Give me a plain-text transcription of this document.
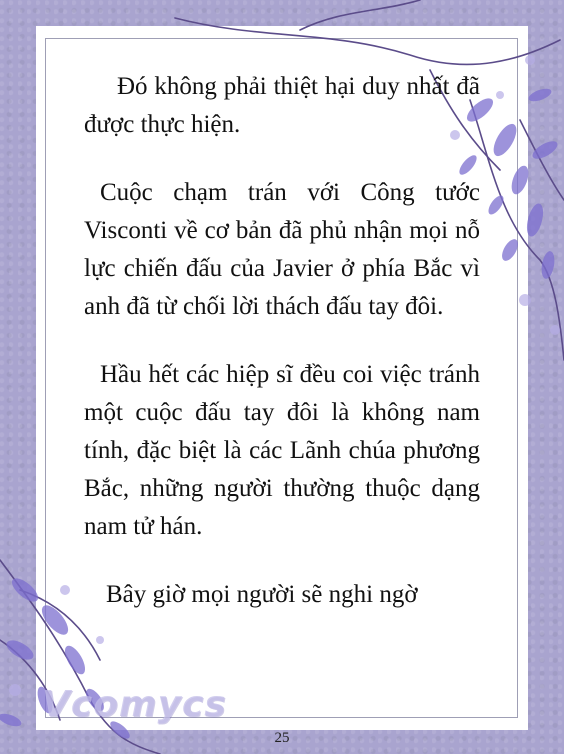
Đó không phải thiệt hại duy nhất đã được thực hiện.

Cuộc chạm trán với Công tước Visconti về cơ bản đã phủ nhận mọi nỗ lực chiến đấu của Javier ở phía Bắc vì anh đã từ chối lời thách đấu tay đôi.

Hầu hết các hiệp sĩ đều coi việc tránh một cuộc đấu tay đôi là không nam tính, đặc biệt là các Lãnh chúa phương Bắc, những người thường thuộc dạng nam tử hán.

Bây giờ mọi người sẽ nghi ngờ

Vcomycs
25
